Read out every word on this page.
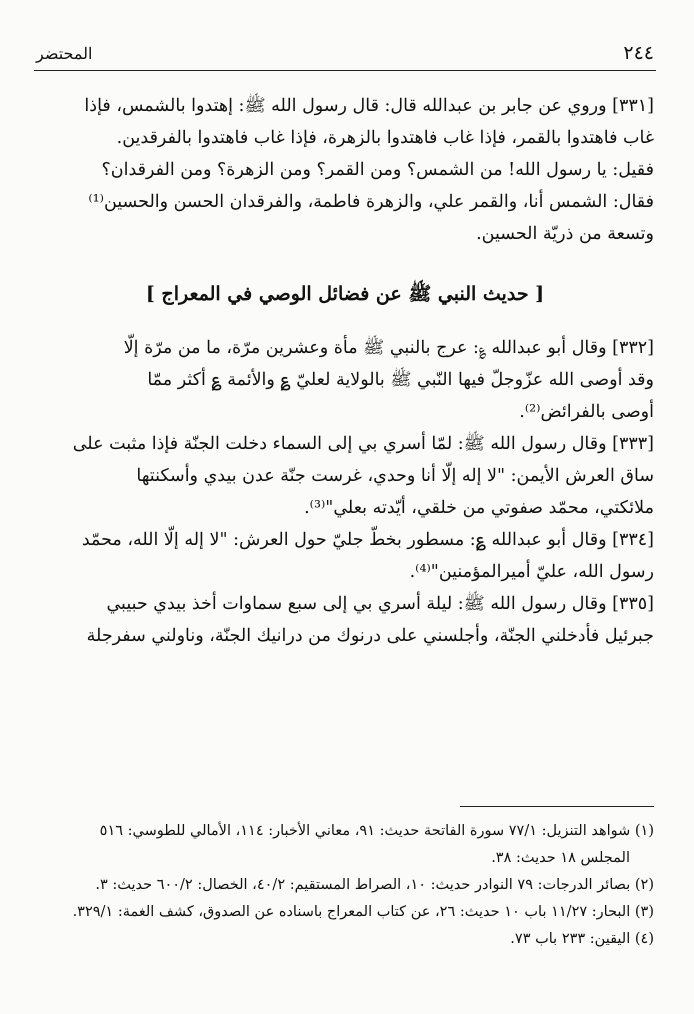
٢٤٤
المحتضر

[٣٣١] وروي عن جابر بن عبدالله قال: قال رسول الله ﷺ: إهتدوا بالشمس، فإذا

غاب فاهتدوا بالقمر، فإذا غاب فاهتدوا بالزهرة، فإذا غاب فاهتدوا بالفرقدين.

فقيل: يا رسول الله! من الشمس؟ ومن القمر؟ ومن الزهرة؟ ومن الفرقدان؟

فقال: الشمس أنا، والقمر علي، والزهرة فاطمة، والفرقدان الحسن والحسين⁽¹⁾

وتسعة من ذريّة الحسين.

[ حديث النبي ﷺ عن فضائل الوصي في المعراج ]

[٣٣٢] وقال أبو عبدالله ؏: عرج بالنبي ﷺ مأة وعشرين مرّة، ما من مرّة إلّا

وقد أوصى الله عزّوجلّ فيها النّبي ﷺ بالولاية لعليّ ؏ والأئمة ؏ أكثر ممّا

أوصى بالفرائض⁽²⁾.

[٣٣٣] وقال رسول الله ﷺ: لمّا أسري بي إلى السماء دخلت الجنّة فإذا مثبت على

ساق العرش الأيمن: "لا إله إلّا أنا وحدي، غرست جنّة عدن بيدي وأسكنتها

ملائكتي، محمّد صفوتي من خلقي، أيّدته بعلي"⁽³⁾.

[٣٣٤] وقال أبو عبدالله ؏: مسطور بخطّ جليّ حول العرش: "لا إله إلّا الله، محمّد

رسول الله، عليّ أميرالمؤمنين"⁽⁴⁾.

[٣٣٥] وقال رسول الله ﷺ: ليلة أسري بي إلى سبع سماوات أخذ بيدي حبيبي

جبرئيل فأدخلني الجنّة، وأجلسني على درنوك من درانيك الجنّة، وناولني سفرجلة

(١) شواهد التنزيل: ٧٧/١ سورة الفاتحة حديث: ٩١، معاني الأخبار: ١١٤، الأمالي للطوسي: ٥١٦

المجلس ١٨ حديث: ٣٨.

(٢) بصائر الدرجات: ٧٩ النوادر حديث: ١٠، الصراط المستقيم: ٤٠/٢، الخصال: ٦٠٠/٢ حديث: ٣.

(٣) البحار: ١١/٢٧ باب ١٠ حديث: ٢٦، عن كتاب المعراج باسناده عن الصدوق، كشف الغمة: ٣٢٩/١.

(٤) اليقين: ٢٣٣ باب ٧٣.
